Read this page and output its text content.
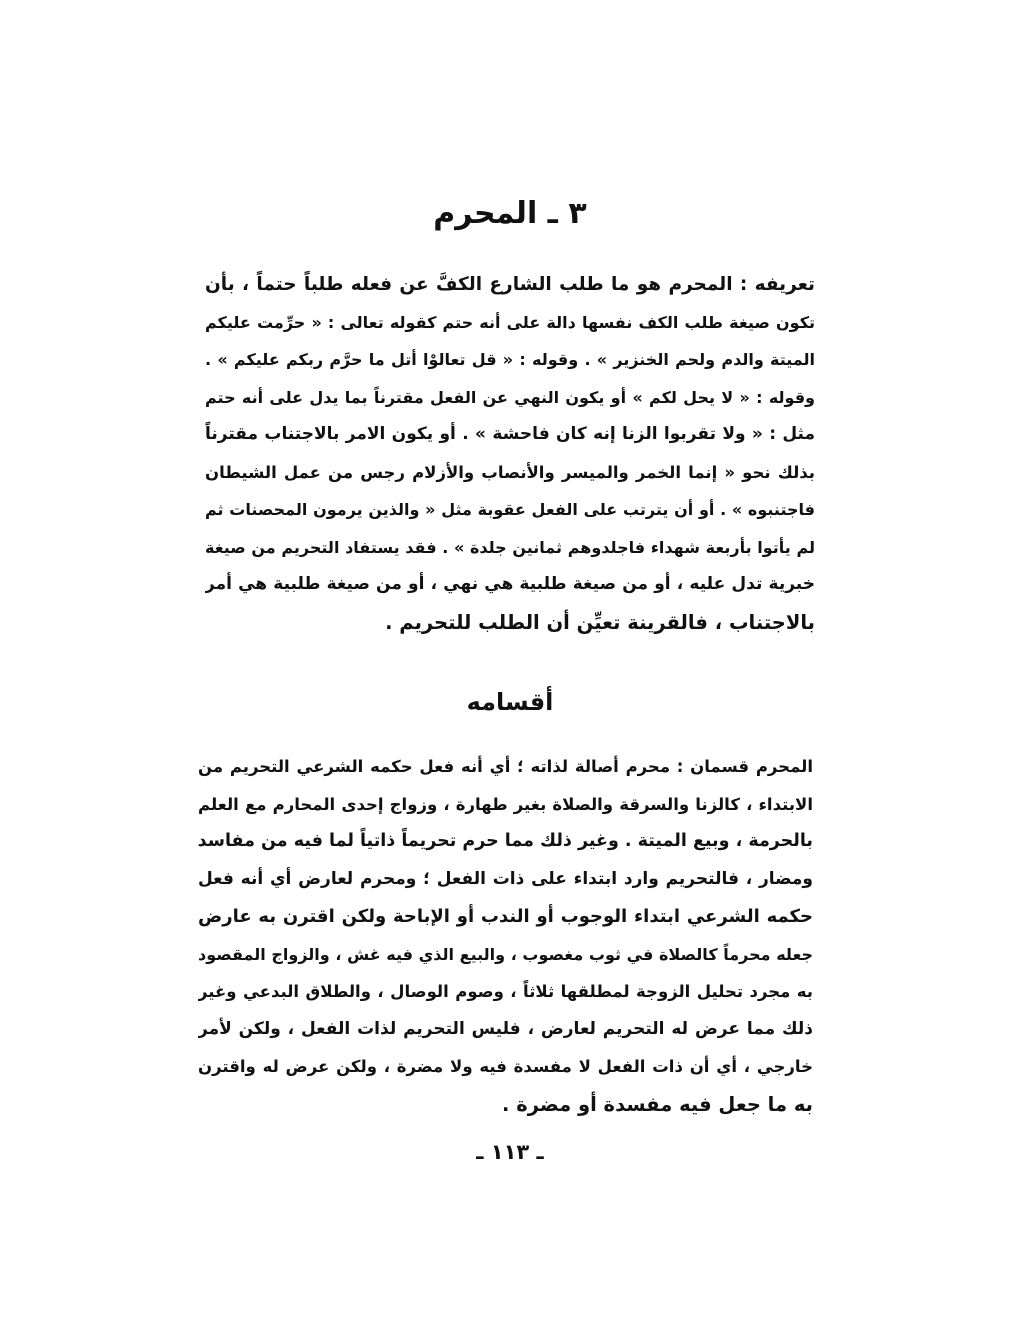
٣ ـ المحرم
تعريفه : المحرم هو ما طلب الشارع الكفَّ عن فعله طلباً حتماً ، بأن
تكون صيغة طلب الكف نفسها دالة على أنه حتم كقوله تعالى : « حرِّمت عليكم
الميتة والدم ولحم الخنزير » . وقوله : « قل تعالوْا أتل ما حرَّم ربكم عليكم » .
وقوله : « لا يحل لكم » أو يكون النهي عن الفعل مقترناً بما يدل على أنه حتم
مثل : « ولا تقربوا الزنا إنه كان فاحشة » . أو يكون الامر بالاجتناب مقترناً
بذلك نحو « إنما الخمر والميسر والأنصاب والأزلام رجس من عمل الشيطان
فاجتنبوه » . أو أن يترتب على الفعل عقوبة مثل « والذين يرمون المحصنات ثم
لم يأتوا بأربعة شهداء فاجلدوهم ثمانين جلدة » . فقد يستفاد التحريم من صيغة
خبرية تدل عليه ، أو من صيغة طلبية هي نهي ، أو من صيغة طلبية هي أمر
بالاجتناب ، فالقرينة تعيِّن أن الطلب للتحريم .
أقسامه
المحرم قسمان : محرم أصالة لذاته ؛ أي أنه فعل حكمه الشرعي التحريم من
الابتداء ، كالزنا والسرقة والصلاة بغير طهارة ، وزواج إحدى المحارم مع العلم
بالحرمة ، وبيع الميتة . وغير ذلك مما حرم تحريماً ذاتياً لما فيه من مفاسد
ومضار ، فالتحريم وارد ابتداء على ذات الفعل ؛ ومحرم لعارض أي أنه فعل
حكمه الشرعي ابتداء الوجوب أو الندب أو الإباحة ولكن اقترن به عارض
جعله محرماً كالصلاة في ثوب مغصوب ، والبيع الذي فيه غش ، والزواج المقصود
به مجرد تحليل الزوجة لمطلقها ثلاثاً ، وصوم الوصال ، والطلاق البدعي وغير
ذلك مما عرض له التحريم لعارض ، فليس التحريم لذات الفعل ، ولكن لأمر
خارجي ، أي أن ذات الفعل لا مفسدة فيه ولا مضرة ، ولكن عرض له واقترن
به ما جعل فيه مفسدة أو مضرة .
ـ ١١٣ ـ
